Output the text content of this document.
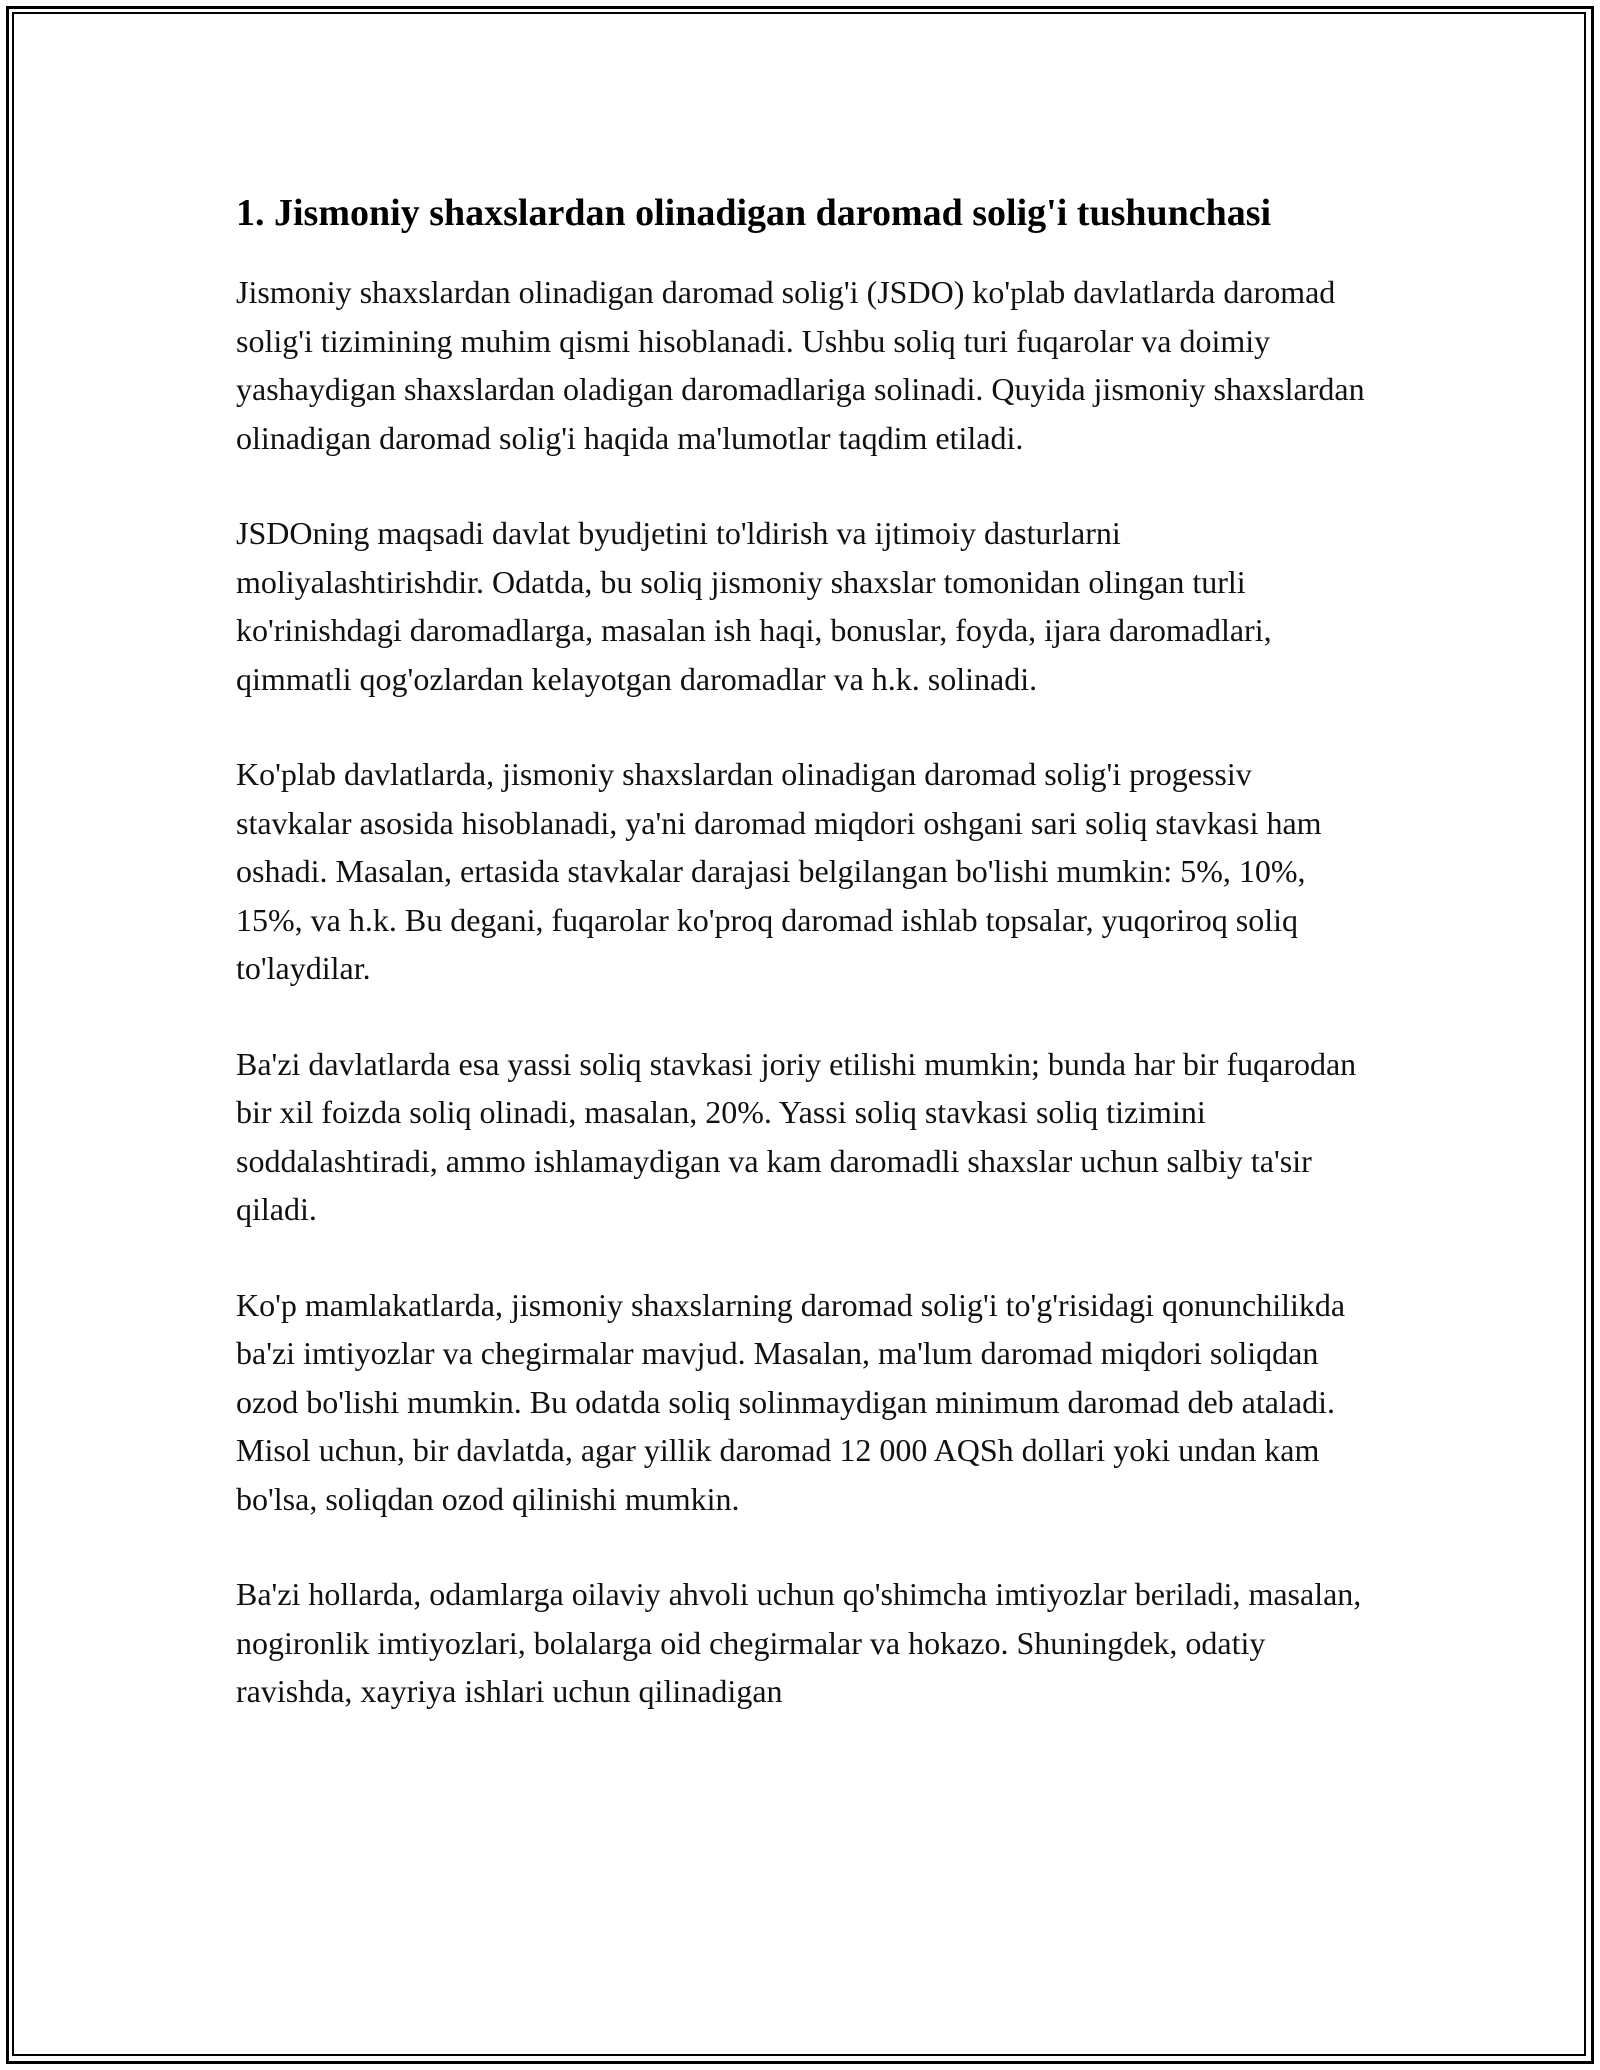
1. Jismoniy shaxslardan olinadigan daromad solig'i tushunchasi

Jismoniy shaxslardan olinadigan daromad solig'i (JSDO) ko'plab davlatlarda daromad solig'i tizimining muhim qismi hisoblanadi. Ushbu soliq turi fuqarolar va doimiy yashaydigan shaxslardan oladigan daromadlariga solinadi. Quyida jismoniy shaxslardan olinadigan daromad solig'i haqida ma'lumotlar taqdim etiladi.

JSDOning maqsadi davlat byudjetini to'ldirish va ijtimoiy dasturlarni moliyalashtirishdir. Odatda, bu soliq jismoniy shaxslar tomonidan olingan turli ko'rinishdagi daromadlarga, masalan ish haqi, bonuslar, foyda, ijara daromadlari, qimmatli qog'ozlardan kelayotgan daromadlar va h.k. solinadi.

Ko'plab davlatlarda, jismoniy shaxslardan olinadigan daromad solig'i progessiv stavkalar asosida hisoblanadi, ya'ni daromad miqdori oshgani sari soliq stavkasi ham oshadi. Masalan, ertasida stavkalar darajasi belgilangan bo'lishi mumkin: 5%, 10%, 15%, va h.k. Bu degani, fuqarolar ko'proq daromad ishlab topsalar, yuqoriroq soliq to'laydilar.

Ba'zi davlatlarda esa yassi soliq stavkasi joriy etilishi mumkin; bunda har bir fuqarodan bir xil foizda soliq olinadi, masalan, 20%. Yassi soliq stavkasi soliq tizimini soddalashtiradi, ammo ishlamaydigan va kam daromadli shaxslar uchun salbiy ta'sir qiladi.

Ko'p mamlakatlarda, jismoniy shaxslarning daromad solig'i to'g'risidagi qonunchilikda ba'zi imtiyozlar va chegirmalar mavjud. Masalan, ma'lum daromad miqdori soliqdan ozod bo'lishi mumkin. Bu odatda soliq solinmaydigan minimum daromad deb ataladi. Misol uchun, bir davlatda, agar yillik daromad 12 000 AQSh dollari yoki undan kam bo'lsa, soliqdan ozod qilinishi mumkin.

Ba'zi hollarda, odamlarga oilaviy ahvoli uchun qo'shimcha imtiyozlar beriladi, masalan, nogironlik imtiyozlari, bolalarga oid chegirmalar va hokazo. Shuningdek, odatiy ravishda, xayriya ishlari uchun qilinadigan
